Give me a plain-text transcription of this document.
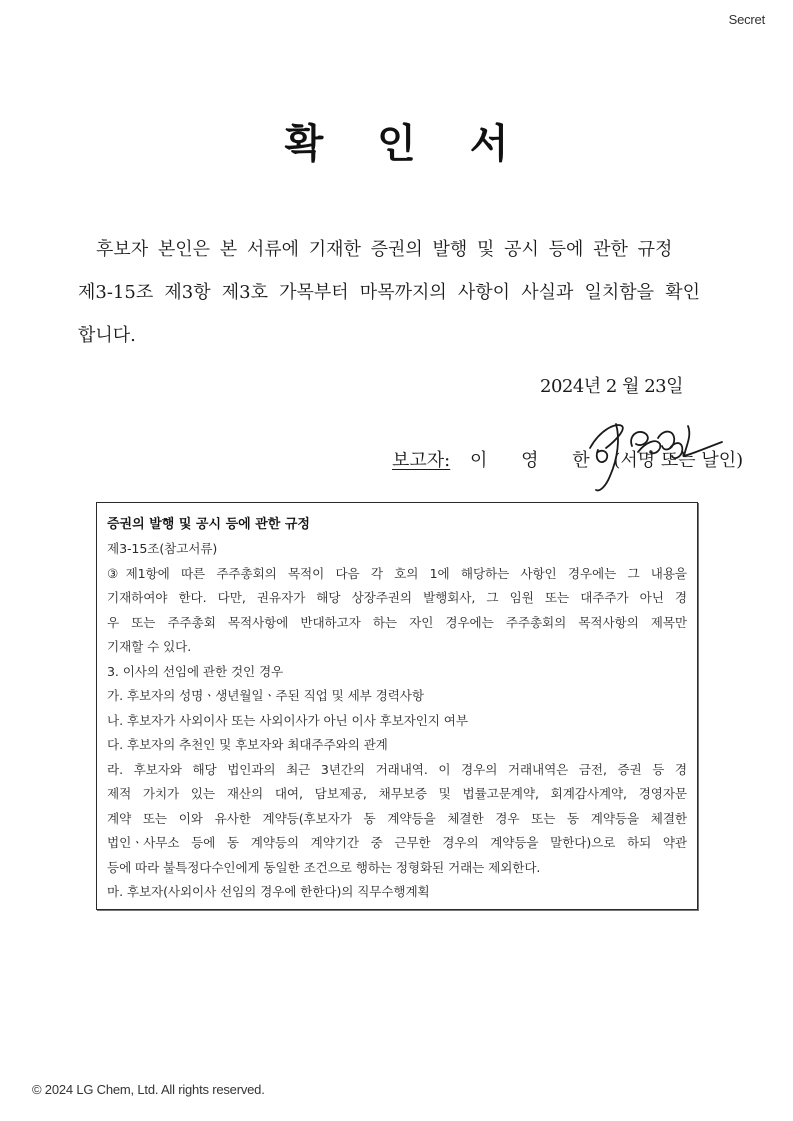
Secret
확 인 서
후보자 본인은 본 서류에 기재한 증권의 발행 및 공시 등에 관한 규정
제3-15조 제3항 제3호 가목부터 마목까지의 사항이 사실과 일치함을 확인
합니다.
2024년 2 월 23일
보고자: 이 영 한 (서명 또는 날인)
증권의 발행 및 공시 등에 관한 규정
제3-15조(참고서류)
③제1항에 따른 주주총회의 목적이 다음 각 호의 1에 해당하는 사항인 경우에는 그 내용을
기재하여야 한다. 다만, 권유자가 해당 상장주권의 발행회사, 그 임원 또는 대주주가 아닌 경
우 또는 주주총회 목적사항에 반대하고자 하는 자인 경우에는 주주총회의 목적사항의 제목만
기재할 수 있다.
3. 이사의 선임에 관한 것인 경우
가. 후보자의 성명ㆍ생년월일ㆍ주된 직업 및 세부 경력사항
나. 후보자가 사외이사 또는 사외이사가 아닌 이사 후보자인지 여부
다. 후보자의 추천인 및 후보자와 최대주주와의 관계
라. 후보자와 해당 법인과의 최근 3년간의 거래내역. 이 경우의 거래내역은 금전, 증권 등 경
제적 가치가 있는 재산의 대여, 담보제공, 채무보증 및 법률고문계약, 회계감사계약, 경영자문
계약 또는 이와 유사한 계약등(후보자가 동 계약등을 체결한 경우 또는 동 계약등을 체결한
법인ㆍ사무소 등에 동 계약등의 계약기간 중 근무한 경우의 계약등을 말한다)으로 하되 약관
등에 따라 불특정다수인에게 동일한 조건으로 행하는 정형화된 거래는 제외한다.
마. 후보자(사외이사 선임의 경우에 한한다)의 직무수행계획
© 2024 LG Chem, Ltd. All rights reserved.
